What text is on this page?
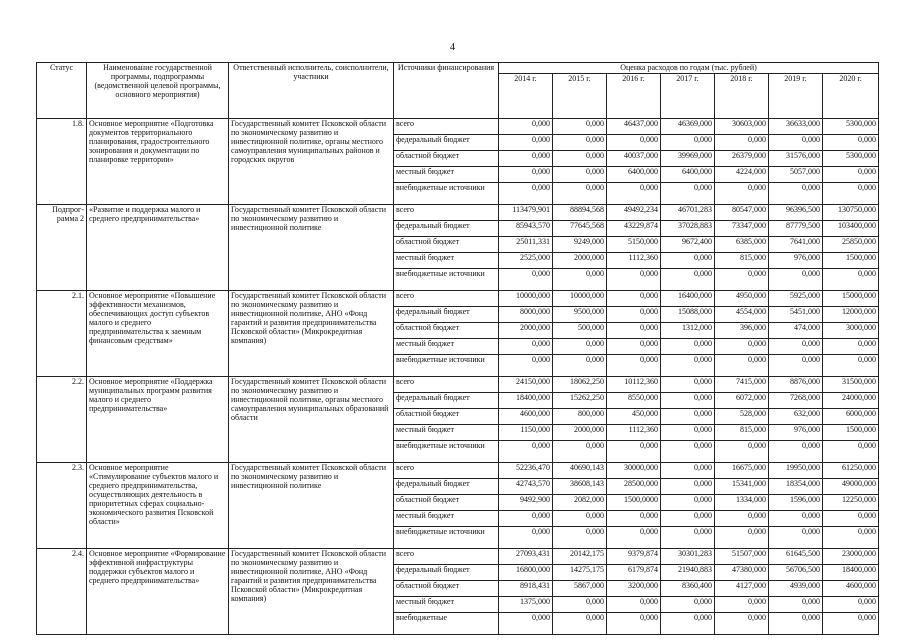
4
Статус	Наименование государственной программы, подпрограммы (ведомственной целевой программы, основного мероприятия)	Ответственный исполнитель, соисполнители, участники	Источники финансирования	Оценка расходов по годам (тыс. рублей)						
				2014 г.	2015 г.	2016 г.	2017 г.	2018 г.	2019 г.	2020 г.
1.8.	Основное мероприятие «Подготовка документов территориального планирования, градостроительного зонирования и документации по планировке территории»	Государственный комитет Псковской области по экономическому развитию и инвестиционной политике, органы местного самоуправления муниципальных районов и городских округов	всего	0,000	0,000	46437,000	46369,000	30603,000	36633,000	5300,000
			федеральный бюджет	0,000	0,000	0,000	0,000	0,000	0,000	0,000
			областной бюджет	0,000	0,000	40037,000	39969,000	26379,000	31576,000	5300,000
			местный бюджет	0,000	0,000	6400,000	6400,000	4224,000	5057,000	0,000
			внебюджетные источники	0,000	0,000	0,000	0,000	0,000	0,000	0,000
Подпрог-рамма 2	«Развитие и поддержка малого и среднего предпринимательства»	Государственный комитет Псковской области по экономическому развитию и инвестиционной политике	всего	113479,901	88894,568	49492,234	46701,283	80547,000	96396,500	130750,000
			федеральный бюджет	85943,570	77645,568	43229,874	37028,883	73347,000	87779,500	103400,000
			областной бюджет	25011,331	9249,000	5150,000	9672,400	6385,000	7641,000	25850,000
			местный бюджет	2525,000	2000,000	1112,360	0,000	815,000	976,000	1500,000
			внебюджетные источники	0,000	0,000	0,000	0,000	0,000	0,000	0,000
2.1.	Основное мероприятие «Повышение эффективности механизмов, обеспечивающих доступ субъектов малого и среднего предпринимательства к заемным финансовым средствам»	Государственный комитет Псковской области по экономическому развитию и инвестиционной политике, АНО «Фонд гарантий и развития предпринимательства Псковской области» (Микрокредитная компания)	всего	10000,000	10000,000	0,000	16400,000	4950,000	5925,000	15000,000
			федеральный бюджет	8000,000	9500,000	0,000	15088,000	4554,000	5451,000	12000,000
			областной бюджет	2000,000	500,000	0,000	1312,000	396,000	474,000	3000,000
			местный бюджет	0,000	0,000	0,000	0,000	0,000	0,000	0,000
			внебюджетные источники	0,000	0,000	0,000	0,000	0,000	0,000	0,000
2.2.	Основное мероприятие «Поддержка муниципальных программ развития малого и среднего предпринимательства»	Государственный комитет Псковской области по экономическому развитию и инвестиционной политике, органы местного самоуправления муниципальных образований области	всего	24150,000	18062,250	10112,360	0,000	7415,000	8876,000	31500,000
			федеральный бюджет	18400,000	15262,250	8550,000	0,000	6072,000	7268,000	24000,000
			областной бюджет	4600,000	800,000	450,000	0,000	528,000	632,000	6000,000
			местный бюджет	1150,000	2000,000	1112,360	0,000	815,000	976,000	1500,000
			внебюджетные источники	0,000	0,000	0,000	0,000	0,000	0,000	0,000
2.3.	Основное мероприятие «Стимулирование субъектов малого и среднего предпринимательства, осуществляющих деятельность в приоритетных сферах социально-экономического развития Псковской области»	Государственный комитет Псковской области по экономическому развитию и инвестиционной политике	всего	52236,470	40690,143	30000,000	0,000	16675,000	19950,000	61250,000
			федеральный бюджет	42743,570	38608,143	28500,000	0,000	15341,000	18354,000	49000,000
			областной бюджет	9492,900	2082,000	1500,0000	0,000	1334,000	1596,000	12250,000
			местный бюджет	0,000	0,000	0,000	0,000	0,000	0,000	0,000
			внебюджетные источники	0,000	0,000	0,000	0,000	0,000	0,000	0,000
2.4.	Основное мероприятие «Формирование эффективной инфраструктуры поддержки субъектов малого и среднего предпринимательства»	Государственный комитет Псковской области по экономическому развитию и инвестиционной политике, АНО «Фонд гарантий и развития предпринимательства Псковской области» (Микрокредитная компания)	всего	27093,431	20142,175	9379,874	30301,283	51507,000	61645,500	23000,000
			федеральный бюджет	16800,000	14275,175	6179,874	21940,883	47380,000	56706,500	18400,000
			областной бюджет	8918,431	5867,000	3200,000	8360,400	4127,000	4939,000	4600,000
			местный бюджет	1375,000	0,000	0,000	0,000	0,000	0,000	0,000
			внебюджетные	0,000	0,000	0,000	0,000	0,000	0,000	0,000
